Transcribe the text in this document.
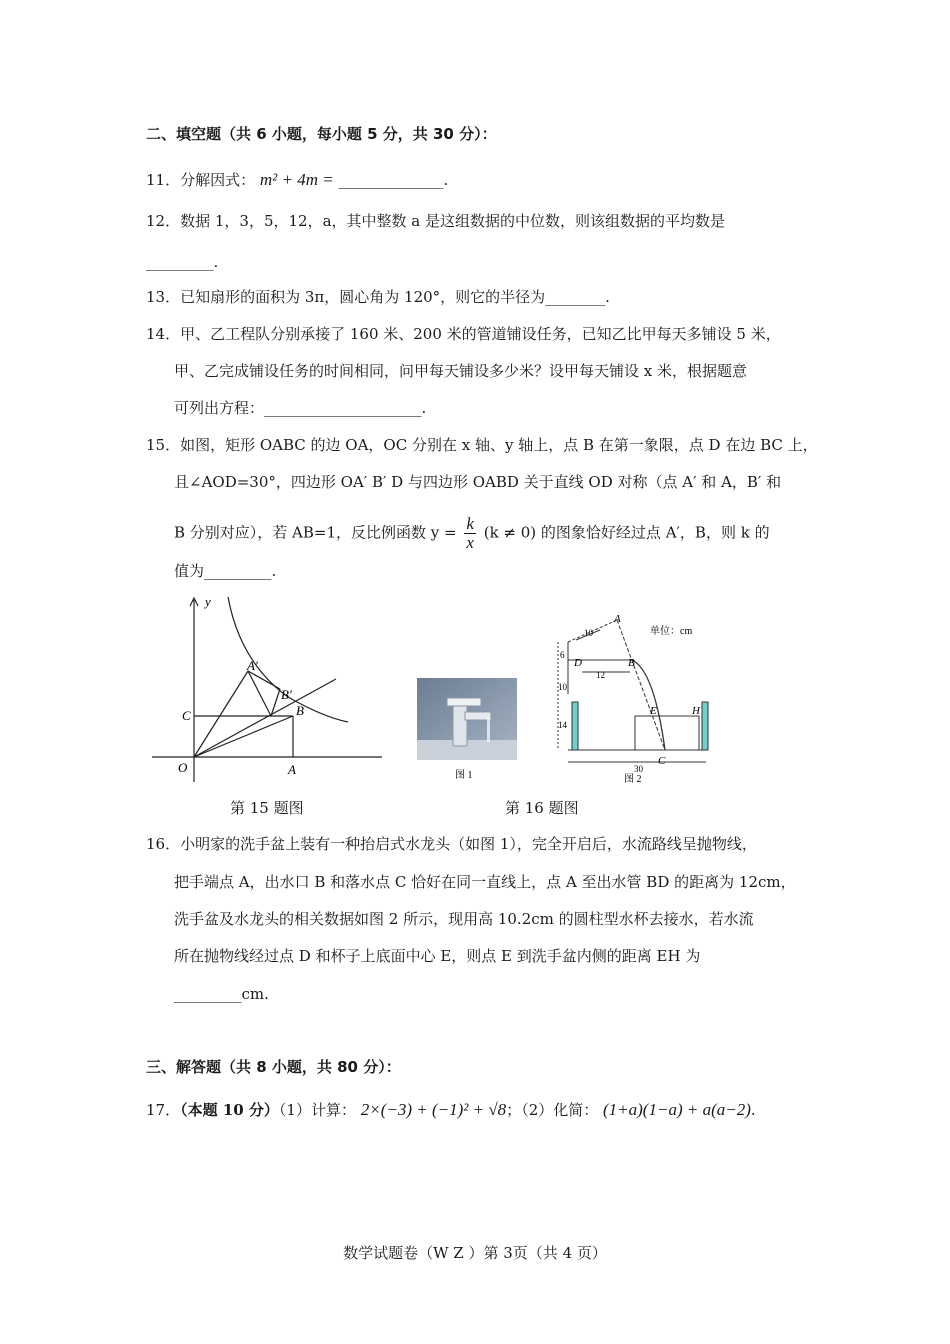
二、填空题（共 6 小题，每小题 5 分，共 30 分）：
11．分解因式： m² + 4m = ______________.
12．数据 1，3，5，12，a，其中整数 a 是这组数据的中位数，则该组数据的平均数是
_________.
13．已知扇形的面积为 3π，圆心角为 120°，则它的半径为________.
14．甲、乙工程队分别承接了 160 米、200 米的管道铺设任务，已知乙比甲每天多铺设 5 米，
甲、乙完成铺设任务的时间相同，问甲每天铺设多少米？设甲每天铺设 x 米，根据题意
可列出方程：_____________________.
15．如图，矩形 OABC 的边 OA，OC 分别在 x 轴、y 轴上，点 B 在第一象限，点 D 在边 BC 上，
且∠AOD=30°，四边形 OA′ B′ D 与四边形 OABD 关于直线 OD 对称（点 A′ 和 A，B′ 和
B 分别对应），若 AB=1，反比例函数 $y = \frac{k}{x} (k \ne 0)$ 的图象恰好经过点 A′，B，则 k 的
值为_________.
y
O	A
B
C
A′
B′
图 1
单位：cm
A
B
C
D
E	H
6
10
14
12
10
30
图 2
第 15 题图	第 16 题图
16．小明家的洗手盆上装有一种抬启式水龙头（如图 1），完全开启后，水流路线呈抛物线，
把手端点 A，出水口 B 和落水点 C 恰好在同一直线上，点 A 至出水管 BD 的距离为 12cm，
洗手盆及水龙头的相关数据如图 2 所示，现用高 10.2cm 的圆柱型水杯去接水，若水流
所在抛物线经过点 D 和杯子上底面中心 E，则点 E 到洗手盆内侧的距离 EH 为
_________cm.
三、解答题（共 8 小题，共 80 分）：
17．（本题 10 分）（1）计算： 2×(−3) + (−1)² + √8；（2）化简： (1+a)(1−a) + a(a−2).
数学试题卷（W Z ）第 3页（共 4 页）
